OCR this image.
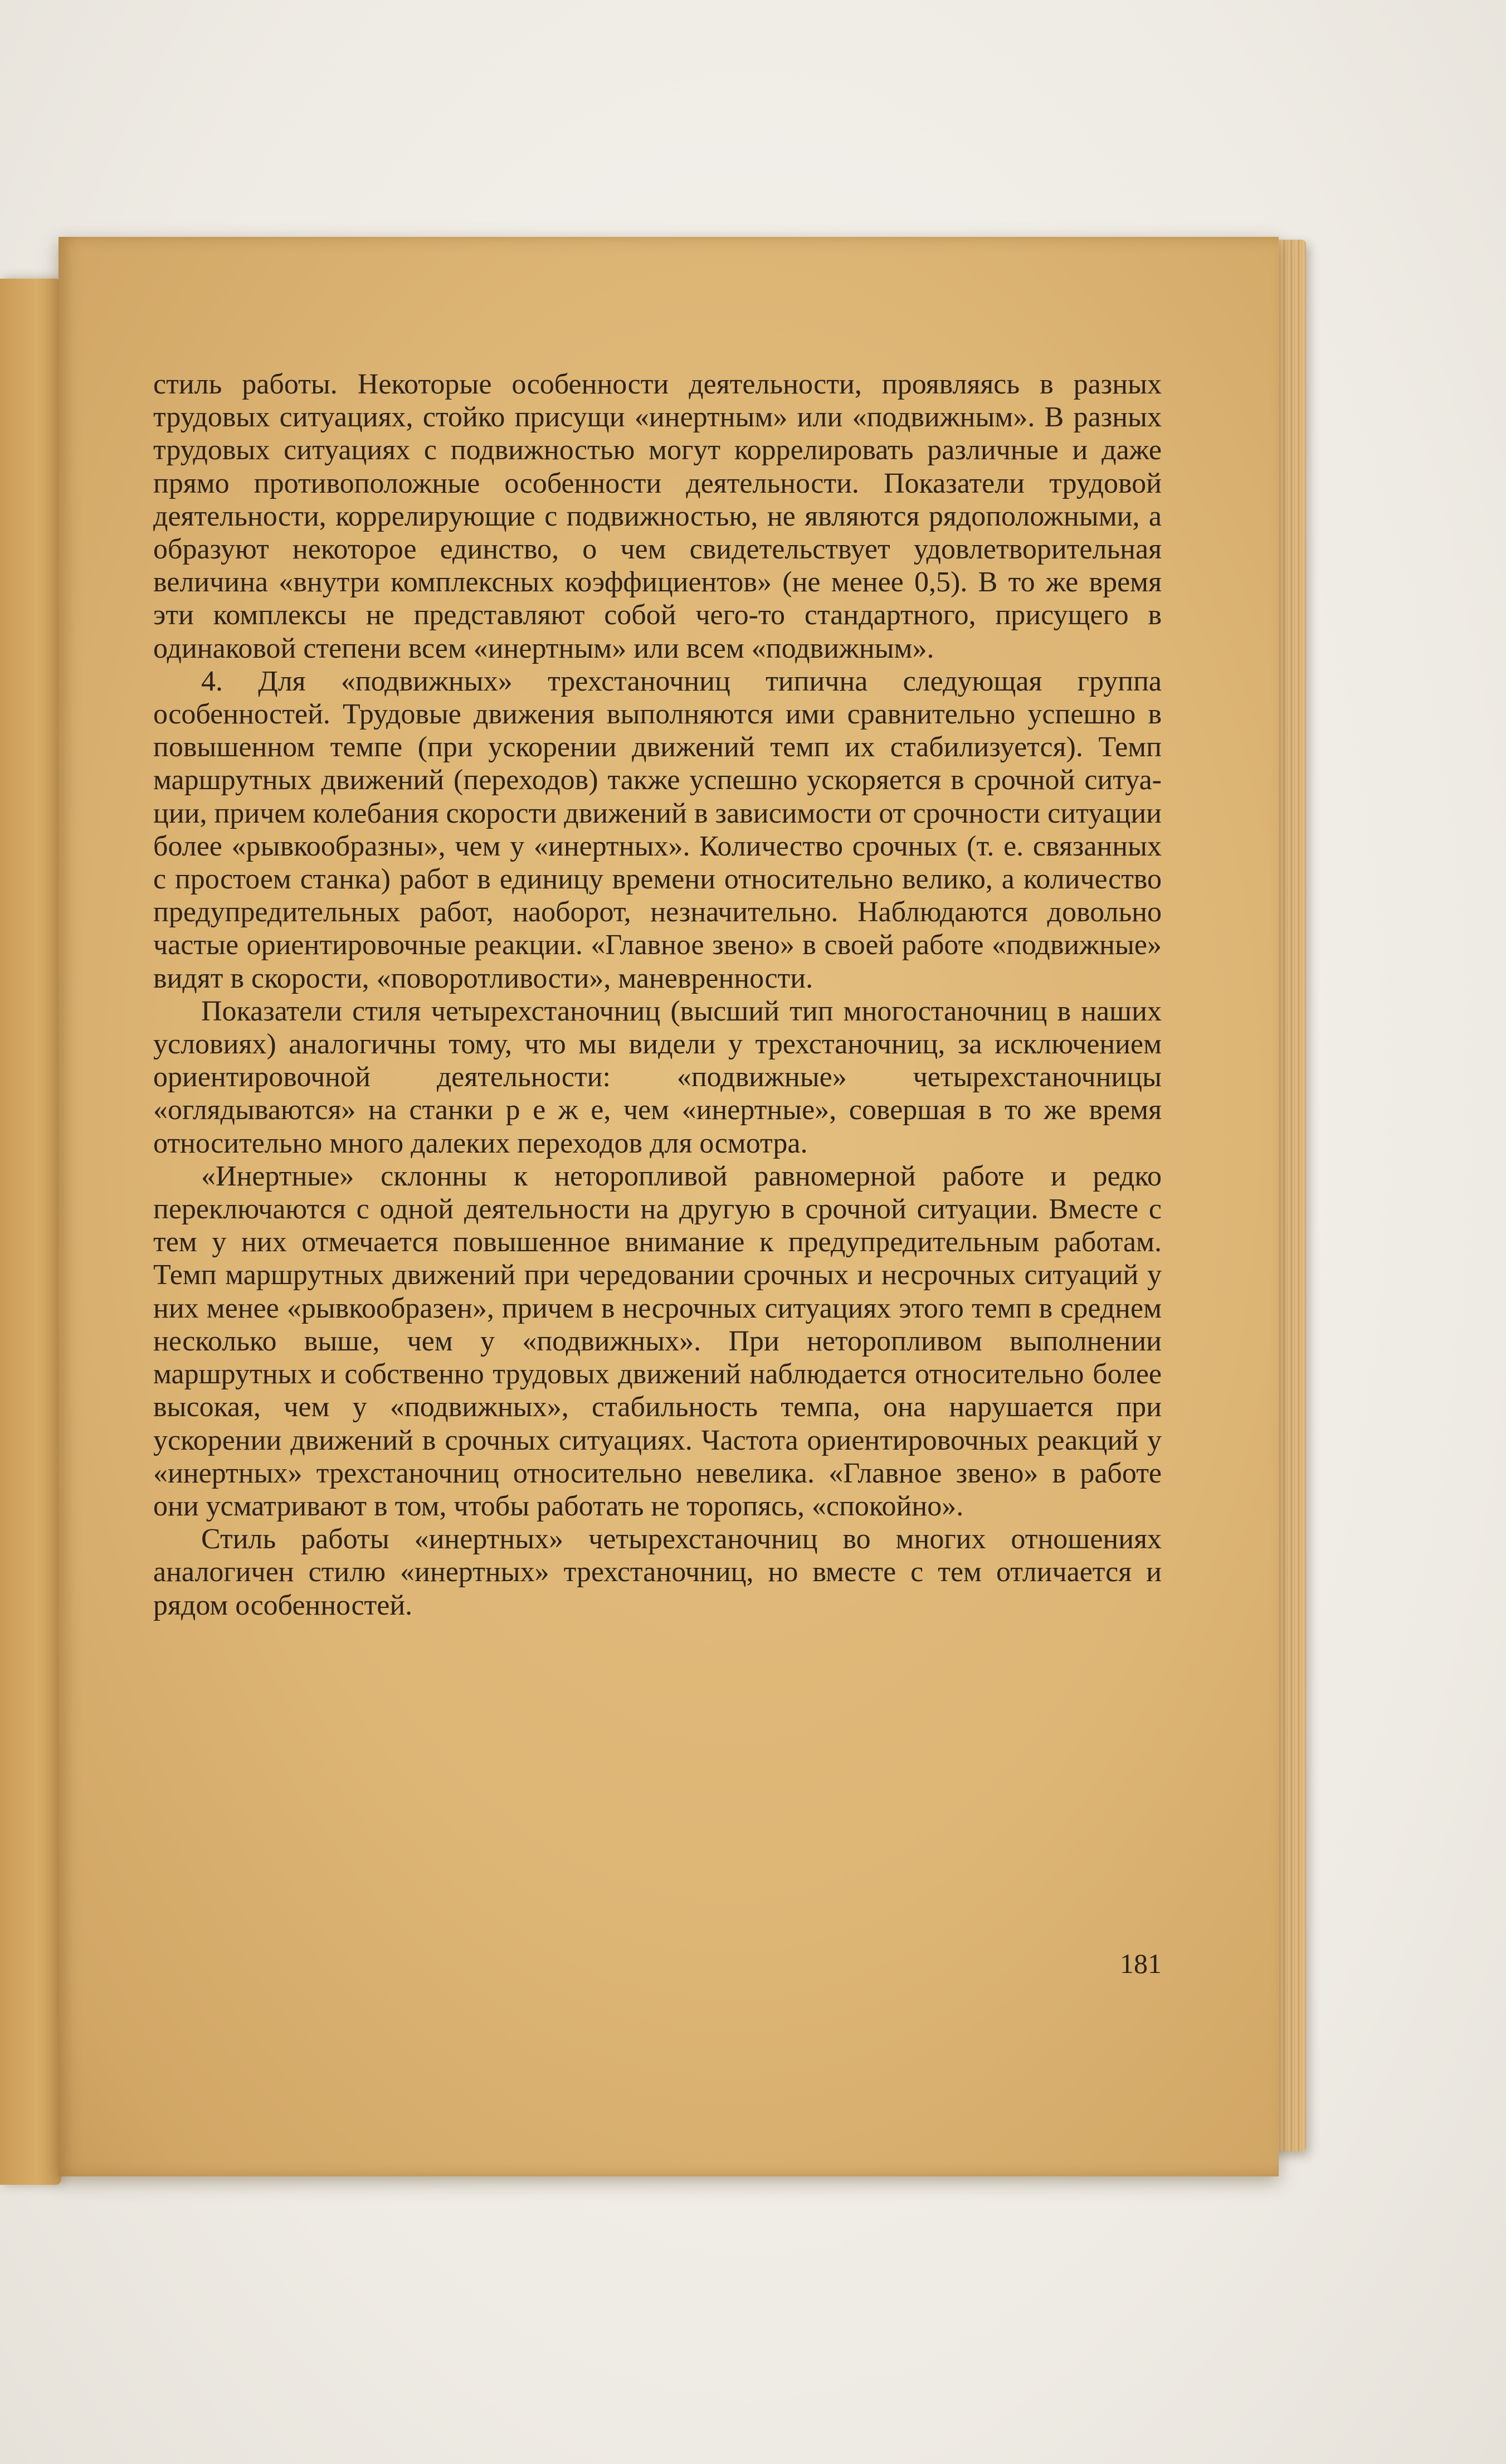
стиль работы. Некоторые особенности деятельности, проявляясь в разных трудовых ситуациях, стойко присущи «инертным» или «подвижным». В разных трудовых ситуациях с подвижностью могут коррелировать различные и даже прямо противоположные особенности деятельности. Показатели трудовой деятельности, коррелирующие с подвижностью, не являются рядоположными, а образуют некоторое единство, о чем свидетельствует удовлетворительная величина «внутри комплексных коэффициентов» (не менее 0,5). В то же время эти комплексы не представляют собой чего-то стандартного, присущего в одинаковой степени всем «инертным» или всем «подвижным».

4. Для «подвижных» трехстаночниц типична следующая группа особенностей. Трудовые движения выполняются ими сравнительно успешно в повышенном темпе (при ускорении движений темп их стабилизуется). Темп маршрутных движений (переходов) также успешно ускоряется в срочной ситуации, причем колебания скорости движений в зависимости от срочности ситуации более «рывкообразны», чем у «инертных». Количество срочных (т. е. связанных с простоем станка) работ в единицу времени относительно велико, а количество предупредительных работ, наоборот, незначительно. Наблюдаются довольно частые ориентировочные реакции. «Главное звено» в своей работе «подвижные» видят в скорости, «поворотливости», маневренности.

Показатели стиля четырехстаночниц (высший тип многостаночниц в наших условиях) аналогичны тому, что мы видели у трехстаночниц, за исключением ориентировочной деятельности: «подвижные» четырехстаночницы «оглядываются» на станки р е ж е, чем «инертные», совершая в то же время относительно много далеких переходов для осмотра.

«Инертные» склонны к неторопливой равномерной работе и редко переключаются с одной деятельности на другую в срочной ситуации. Вместе с тем у них отмечается повышенное внимание к предупредительным работам. Темп маршрутных движений при чередовании срочных и несрочных ситуаций у них менее «рывкообразен», причем в несрочных ситуациях этого темп в среднем несколько выше, чем у «подвижных». При неторопливом выполнении маршрутных и собственно трудовых движений наблюдается относительно более высокая, чем у «подвижных», стабильность темпа, она нарушается при ускорении движений в срочных ситуациях. Частота ориентировочных реакций у «инертных» трехстаночниц относительно невелика. «Главное звено» в работе они усматривают в том, чтобы работать не торопясь, «спокойно».

Стиль работы «инертных» четырехстаночниц во многих отношениях аналогичен стилю «инертных» трехстаночниц, но вместе с тем отличается и рядом особенностей.

181
